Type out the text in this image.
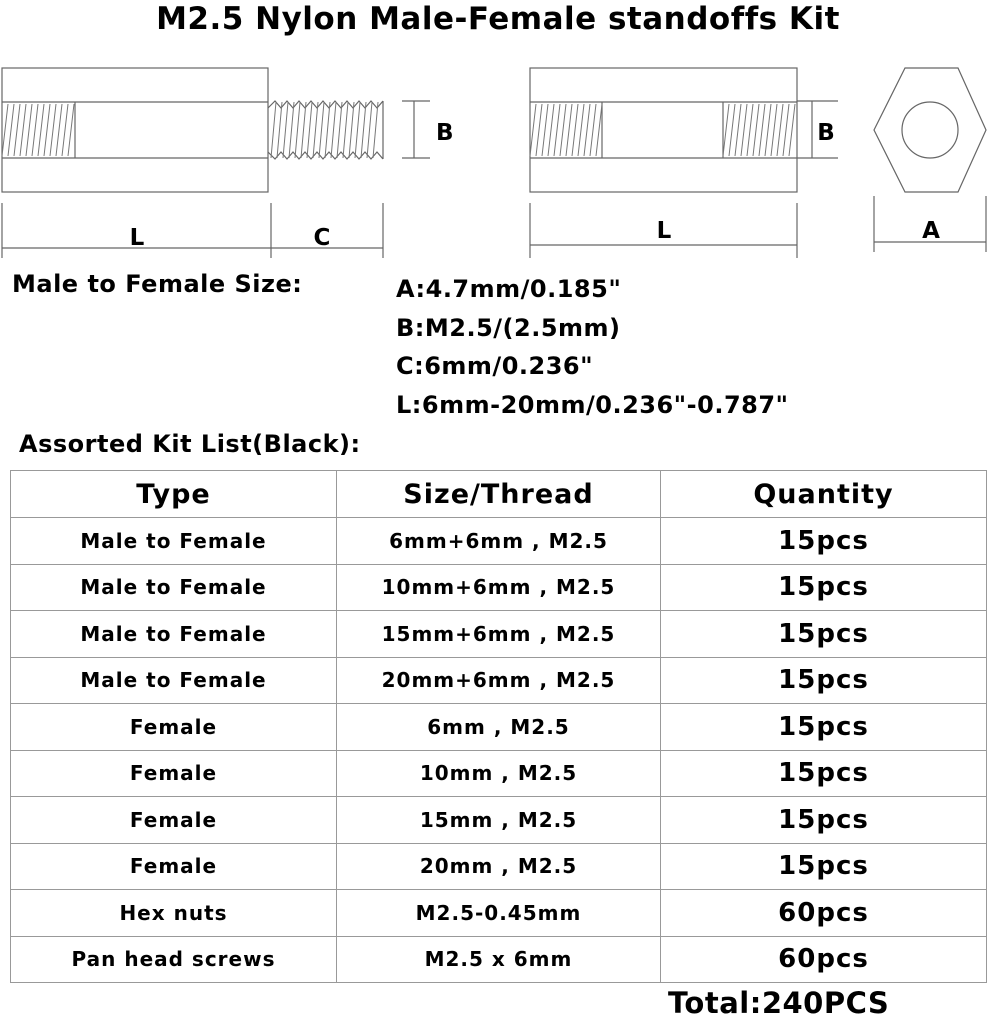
M2.5 Nylon Male-Female standoffs Kit
B
L	C
B
L	A
Male to Female Size:	A:4.7mm/0.185"
B:M2.5/(2.5mm)
C:6mm/0.236"
L:6mm-20mm/0.236"-0.787"
Assorted Kit List(Black):
Type	Size/Thread	Quantity
Male to Female	6mm+6mm , M2.5	15pcs
Male to Female	10mm+6mm , M2.5	15pcs
Male to Female	15mm+6mm , M2.5	15pcs
Male to Female	20mm+6mm , M2.5	15pcs
Female	6mm , M2.5	15pcs
Female	10mm , M2.5	15pcs
Female	15mm , M2.5	15pcs
Female	20mm , M2.5	15pcs
Hex nuts	M2.5-0.45mm	60pcs
Pan head screws	M2.5 x 6mm	60pcs
Total:240PCS
